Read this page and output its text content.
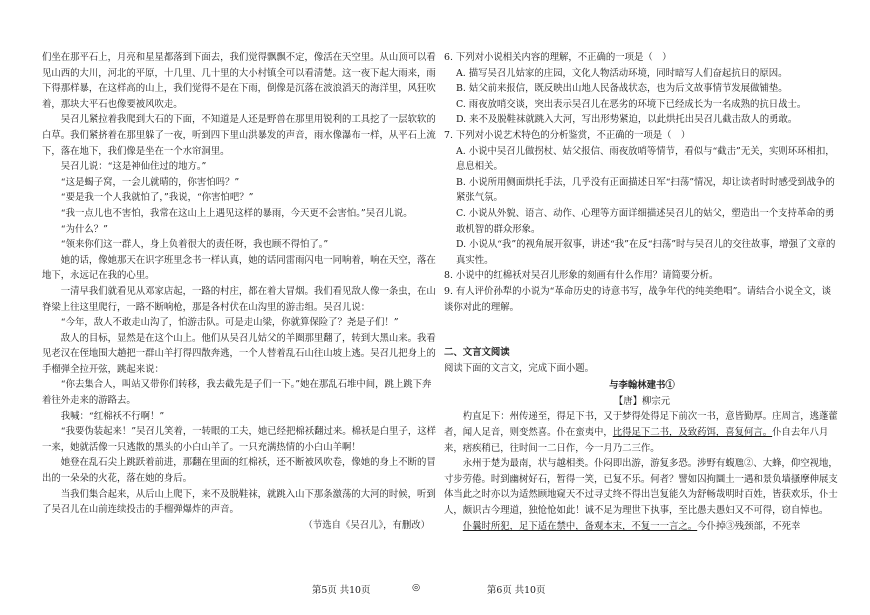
们坐在那平石上，月亮和星星都落到下面去，我们觉得飘飘不定，像活在天空里。从山顶可以看见山西的大川，河北的平原，十几里、几十里的大小村镇全可以看清楚。这一夜下起大雨来，雨下得那样暴，在这样高的山上，我们觉得不是在下雨，倒像是沉落在波浪滔天的海洋里，风狂吹着，那块大平石也像要被风吹走。

吴召儿紧拉着我爬到大石的下面，不知道是人还是野兽在那里用锐利的工具挖了一层软软的白草。我们紧挤着在那里躲了一夜，听到四下里山洪暴发的声音，雨水像瀑布一样，从平石上流下，落在地下，我们像是坐在一个水帘洞里。

吴召儿说：“这是神仙住过的地方。”

“这是蝎子窝，一会儿就晴的，你害怕吗？”

“要是我一个人我就怕了，”我说，“你害怕吧？”

“我一点儿也不害怕，我常在这山上上遇见这样的暴雨，今天更不会害怕。”吴召儿说。

“为什么？”

“领来你们这一群人，身上负着很大的责任呀，我也顾不得怕了。”

她的话，像她那天在识字班里念书一样认真，她的话同雷雨闪电一同响着，响在天空，落在地下，永远记在我的心里。

一清早我们就看见从邓家店起，一路的村庄，都在着大冒烟。我们看见敌人像一条虫，在山脊梁上往这里爬行，一路不断响枪，那是各村伏在山沟里的游击组。吴召儿说：

“今年，敌人不敢走山沟了，怕游击队。可是走山梁，你就算保险了？尧是子们！”

敌人的目标，显然是在这个山上。他们从吴召儿姑父的羊圈那里翻了，转到大黑山来。我看见老汉在侄地围大趟把一群山羊打得四散奔逃，一个人替着乱石山往山坡上逃。吴召儿把身上的手榴弹全拉开弦，跳起来说：

“你去集合人，叫站又带你们转移，我去截先是子们一下。”她在那乱石堆中间，跳上跳下奔着往外走来的游路去。

我喊：“红棉袄不行啊！”

“我要伪装起来！”吴召儿笑着，一转眼的工夫，她已经把棉袄翻过来。棉袄是白里子，这样一来，她就活像一只逃散的黑头的小白山羊了。一只充满热情的小白山羊啊！

她登在乱石尖上跳跃着前进，那翻在里面的红棉袄，还不断被风吹卷，像她的身上不断的冒出的一朵朵的火花，落在她的身后。

当我们集合起来，从后山上爬下，来不及脱鞋袜，就跳入山下那条激荡的大河的时候，听到了吴召儿在山前连续投击的手榴弹爆炸的声音。

（节选自《吴召儿》，有删改）

6. 下列对小说相关内容的理解，不正确的一项是（　）

A. 描写吴召儿姑家的庄园，文化人物活动环境，同时暗写人们奋起抗日的原因。

B. 姑父前来报信，既反映出山地人民备战状态，也为后文故事情节发展做铺垫。

C. 雨夜放哨交谈，突出表示吴召儿在恶劣的环境下已经成长为一名成熟的抗日战士。

D. 来不及脱鞋袜就跳入大河，写出形势紧迫，以此烘托出吴召儿截击敌人的勇敢。

7. 下列对小说艺术特色的分析鉴赏，不正确的一项是（　）

A. 小说中吴召儿做拐杖、姑父报信、雨夜放哨等情节，看似与“截击”无关，实则环环相扣，息息相关。

B. 小说所用侧面烘托手法，几乎没有正面描述日军“扫荡”情况，却让读者时时感受到战争的紧张气氛。

C. 小说从外貌、语言、动作、心理等方面详细描述吴召儿的姑父，塑造出一个支持革命的勇敢机智的群众形象。

D. 小说从“我”的视角展开叙事，讲述“我”在反“扫荡”时与吴召儿的交往故事，增强了文章的真实性。

8. 小说中的红棉袄对吴召儿形象的刻画有什么作用？请简要分析。

9. 有人评价孙犁的小说为“革命历史的诗意书写，战争年代的纯美绝唱”。请结合小说全文，谈谈你对此的理解。

二、文言文阅读

阅读下面的文言文，完成下面小题。

与李翰林建书①

【唐】柳宗元

杓直足下：州传递至，得足下书，又于梦得处得足下前次一书，意皆勤厚。庄周言，逃蓬藿者，闻人足音，则变然喜。仆在蛮夷中，比得足下二书，及致药饵，喜复何言。仆自去年八月来，痞疾稍已，往时间一二日作，今一月乃二三作。

永州于楚为最南，状与越相类。仆闷即出游，游复多恐。涉野有蝮虺②、大蜂，仰空视地，寸步劳倦。时到幽树好石，暂得一笑，已复不乐。何者？譬如囚拘圜土一遇和景负墙搔摩伸展支体当此之时亦以为适然顾地窥天不过寻丈终不得出岂复能久为舒畅哉明时百姓，皆获欢乐，仆士人，颇识古今理道，独怆怆如此！诚不足为理世下执事，至比愚夫愚妇又不可得，窃自悼也。

仆曩时所犯，足下适在禁中，备观本末，不复一一言之。今仆掉③残颈部，不死幸

第5页 共10页	◎	第6页 共10页
